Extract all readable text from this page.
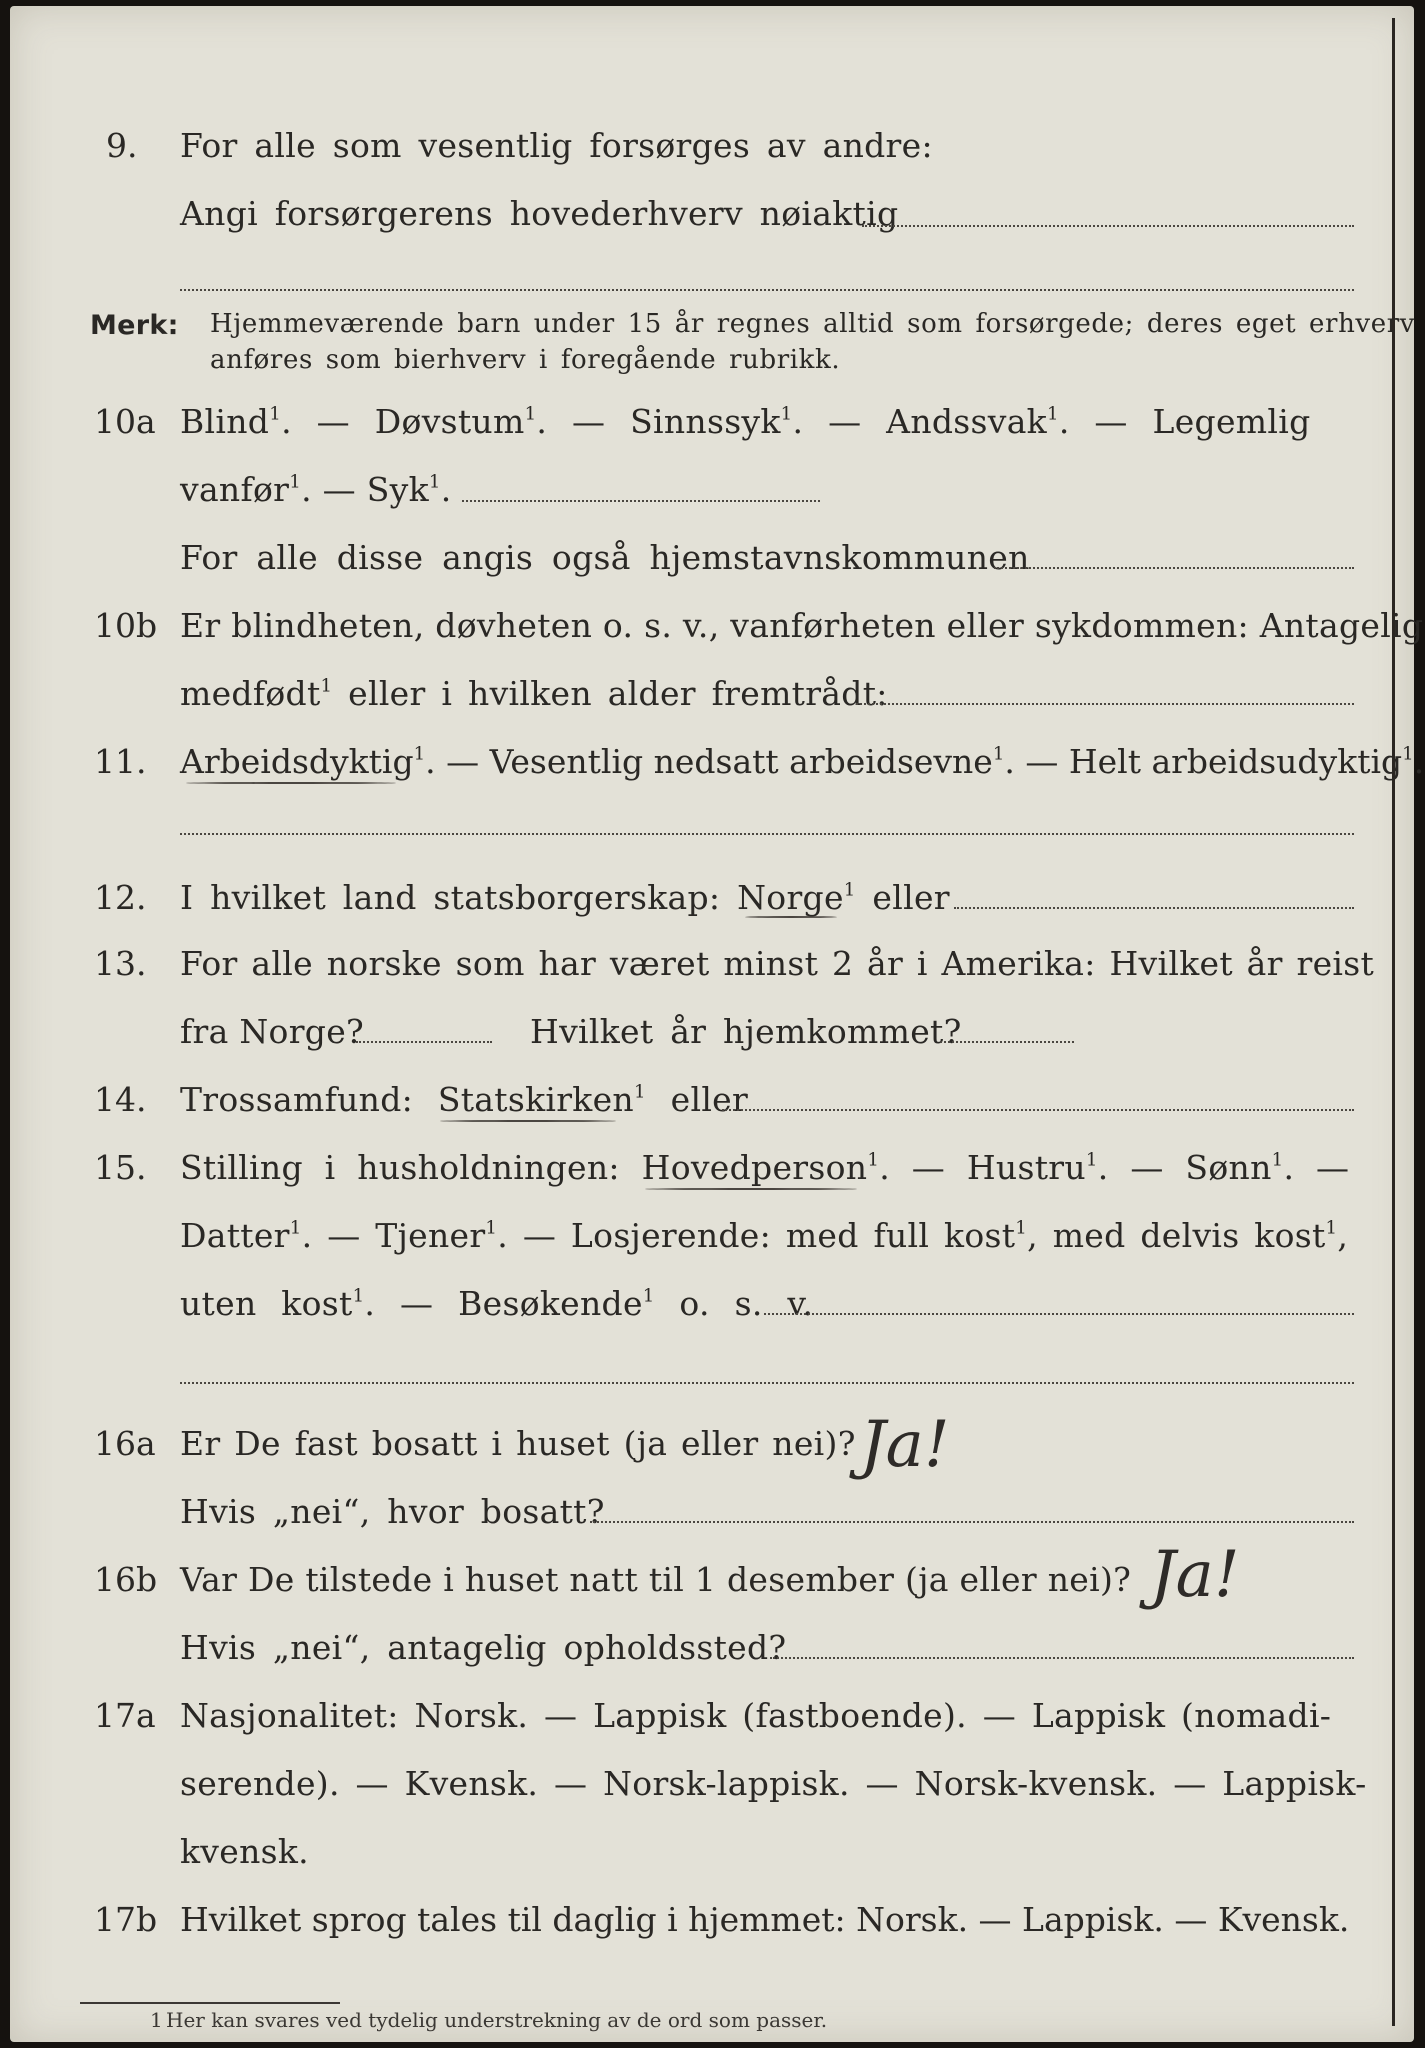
9. For alle som vesentlig forsørges av andre:
Angi forsørgerens hovederhverv nøiaktig
Merk: Hjemmeværende barn under 15 år regnes alltid som forsørgede; deres eget erhverv
anføres som bierhverv i foregående rubrikk.
10a Blind$^1$. — Døvstum$^1$. — Sinnssyk$^1$. — Andssvak$^1$. — Legemlig
vanfør$^1$. — Syk$^1$.
For alle disse angis også hjemstavnskommunen
10b Er blindheten, døvheten o. s. v., vanførheten eller sykdommen: Antagelig
medfødt$^1$ eller i hvilken alder fremtrådt:
11. Arbeidsdyktig$^1$. — Vesentlig nedsatt arbeidsevne$^1$. — Helt arbeidsudyktig$^1$.
12. I hvilket land statsborgerskap: Norge$^1$ eller
13. For alle norske som har været minst 2 år i Amerika: Hvilket år reist
fra Norge?	Hvilket år hjemkommet?
14. Trossamfund: Statskirken$^1$ eller
15. Stilling i husholdningen: Hovedperson$^1$. — Hustru$^1$. — Sønn$^1$. —
Datter$^1$. — Tjener$^1$. — Losjerende: med full kost$^1$, med delvis kost$^1$,
uten kost$^1$. — Besøkende$^1$ o. s. v.
16a Er De fast bosatt i huset (ja eller nei)? Ja!
Hvis „nei“, hvor bosatt?
16b Var De tilstede i huset natt til 1 desember (ja eller nei)? Ja!
Hvis „nei“, antagelig opholdssted?
17a Nasjonalitet: Norsk. — Lappisk (fastboende). — Lappisk (nomadi-
serende). — Kvensk. — Norsk-lappisk. — Norsk-kvensk. — Lappisk-
kvensk.
17b Hvilket sprog tales til daglig i hjemmet: Norsk. — Lappisk. — Kvensk.
1 Her kan svares ved tydelig understrekning av de ord som passer.
